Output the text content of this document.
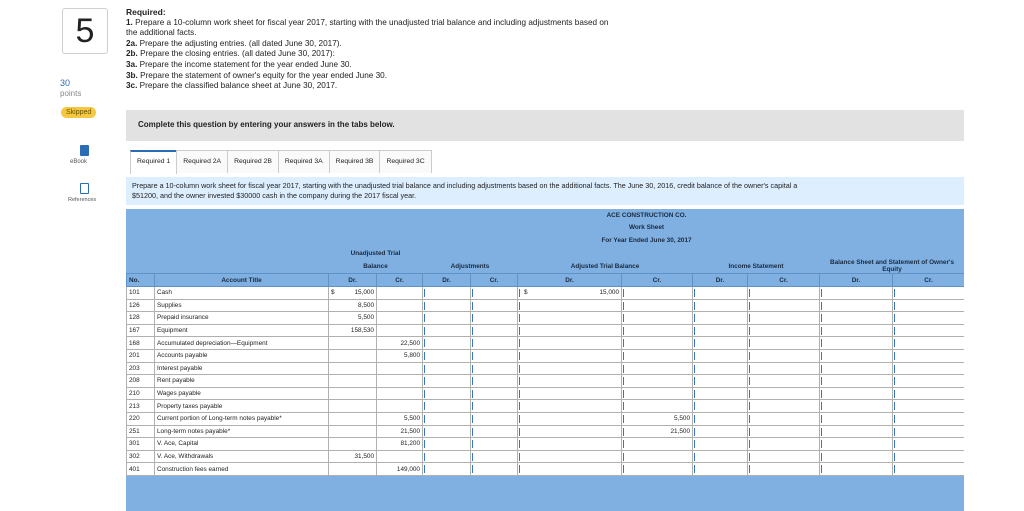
5
30
points
Skipped
eBook
References
Required:
1. Prepare a 10-column work sheet for fiscal year 2017, starting with the unadjusted trial balance and including adjustments based on
the additional facts.
2a. Prepare the adjusting entries. (all dated June 30, 2017).
2b. Prepare the closing entries. (all dated June 30, 2017):
3a. Prepare the income statement for the year ended June 30.
3b. Prepare the statement of owner's equity for the year ended June 30.
3c. Prepare the classified balance sheet at June 30, 2017.
Complete this question by entering your answers in the tabs below.
Required 1	Required 2A	Required 2B	Required 3A	Required 3B	Required 3C
Prepare a 10-column work sheet for fiscal year 2017, starting with the unadjusted trial balance and including adjustments based on the additional facts. The June 30, 2016, credit balance of the owner's capital a
$51200, and the owner invested $30000 cash in the company during the 2017 fiscal year.
		ACE CONSTRUCTION CO.									
		Work Sheet									
		For Year Ended June 30, 2017									
		Unadjusted Trial									
		Balance		Adjustments		Adjusted Trial Balance		Income Statement		Balance Sheet and Statement of Owner's Equity	
No.	Account Title	Dr.	Cr.	Dr.	Cr.	Dr.	Cr.	Dr.	Cr.	Dr.	Cr.
101	Cash	$ 15,000				$ 15,000					
126	Supplies	8,500									
128	Prepaid insurance	5,500									
167	Equipment	158,530									
168	Accumulated depreciation—Equipment		22,500								
201	Accounts payable		5,800								
203	Interest payable										
208	Rent payable										
210	Wages payable										
213	Property taxes payable										
220	Current portion of Long-term notes payable*		5,500				5,500				
251	Long-term notes payable*		21,500				21,500				
301	V. Ace, Capital		81,200								
302	V. Ace, Withdrawals	31,500									
401	Construction fees earned		149,000								
